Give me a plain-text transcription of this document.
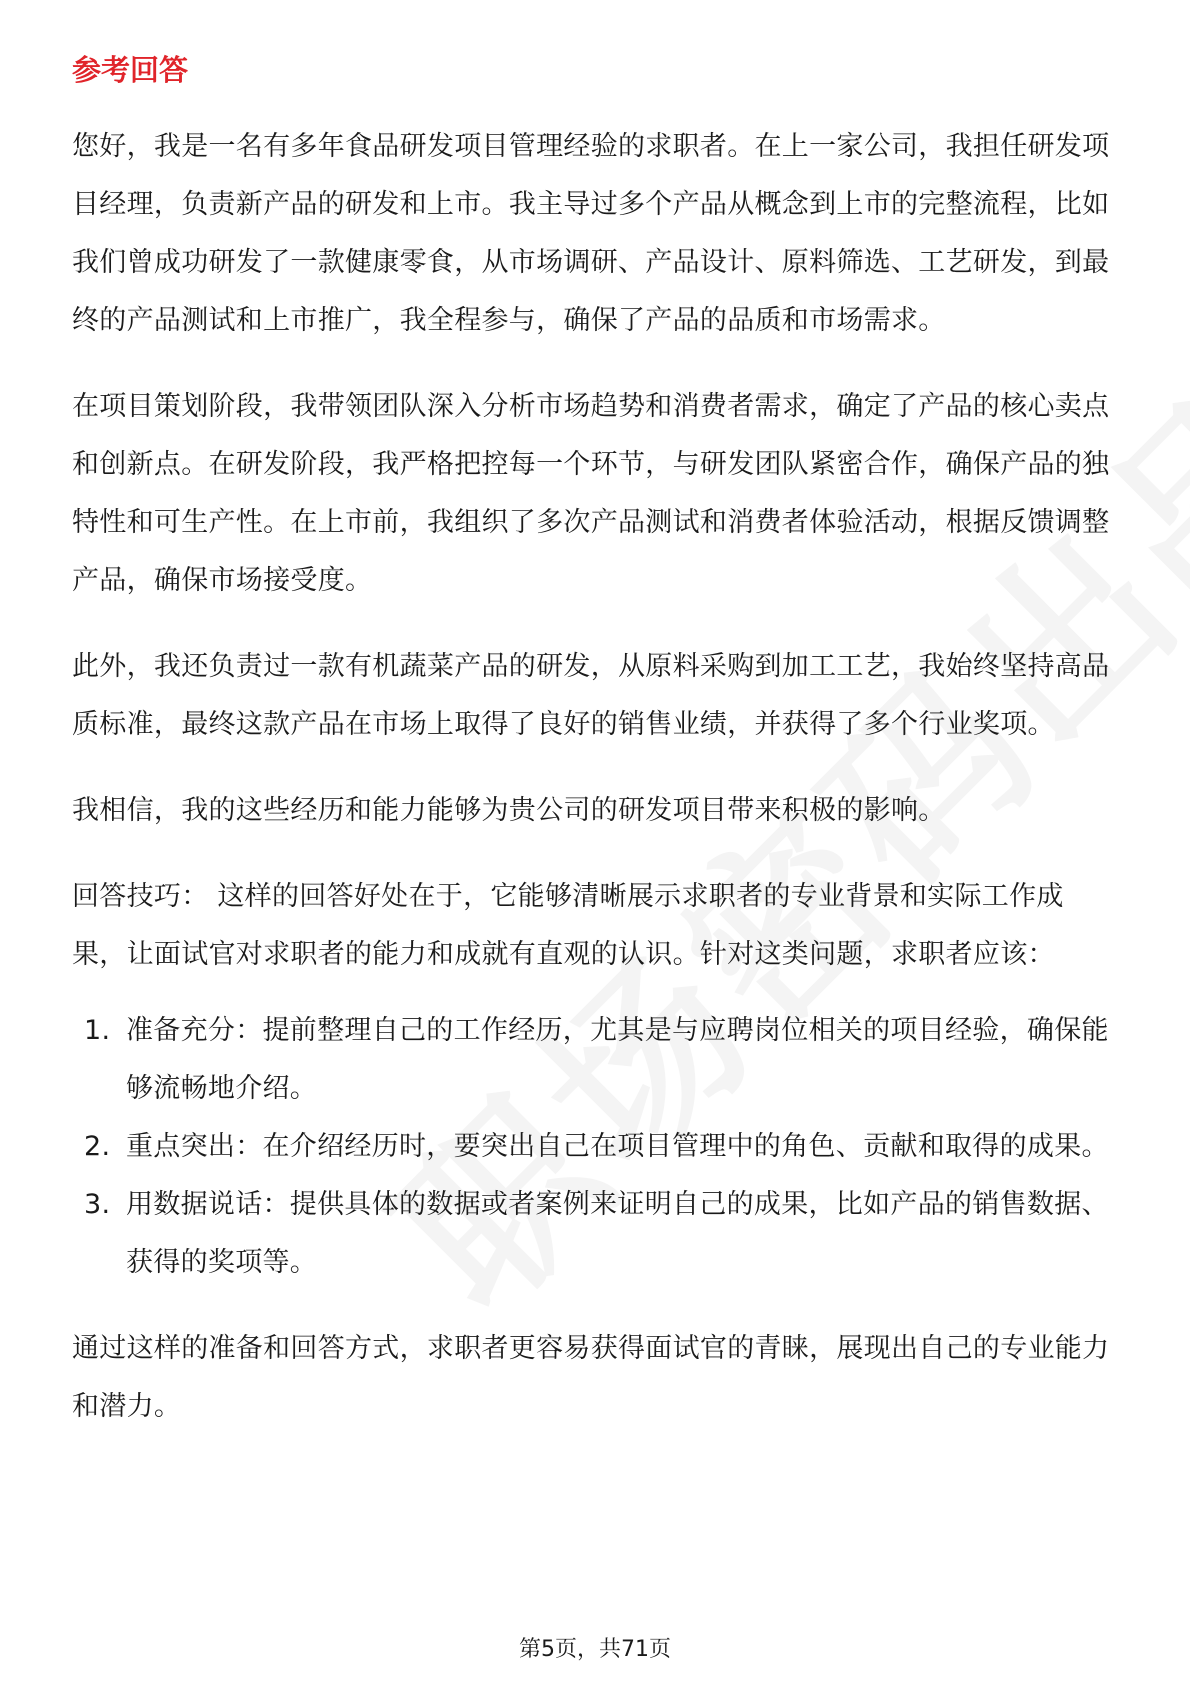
参考回答

您好，我是一名有多年食品研发项目管理经验的求职者。在上一家公司，我担任研发项目经理，负责新产品的研发和上市。我主导过多个产品从概念到上市的完整流程，比如我们曾成功研发了一款健康零食，从市场调研、产品设计、原料筛选、工艺研发，到最终的产品测试和上市推广，我全程参与，确保了产品的品质和市场需求。

在项目策划阶段，我带领团队深入分析市场趋势和消费者需求，确定了产品的核心卖点和创新点。在研发阶段，我严格把控每一个环节，与研发团队紧密合作，确保产品的独特性和可生产性。在上市前，我组织了多次产品测试和消费者体验活动，根据反馈调整产品，确保市场接受度。

此外，我还负责过一款有机蔬菜产品的研发，从原料采购到加工工艺，我始终坚持高品质标准，最终这款产品在市场上取得了良好的销售业绩，并获得了多个行业奖项。

我相信，我的这些经历和能力能够为贵公司的研发项目带来积极的影响。

回答技巧： 这样的回答好处在于，它能够清晰展示求职者的专业背景和实际工作成果，让面试官对求职者的能力和成就有直观的认识。针对这类问题，求职者应该：

1. 准备充分：提前整理自己的工作经历，尤其是与应聘岗位相关的项目经验，确保能够流畅地介绍。
2. 重点突出：在介绍经历时，要突出自己在项目管理中的角色、贡献和取得的成果。
3. 用数据说话：提供具体的数据或者案例来证明自己的成果，比如产品的销售数据、获得的奖项等。

通过这样的准备和回答方式，求职者更容易获得面试官的青睐，展现出自己的专业能力和潜力。

第5页，共71页
